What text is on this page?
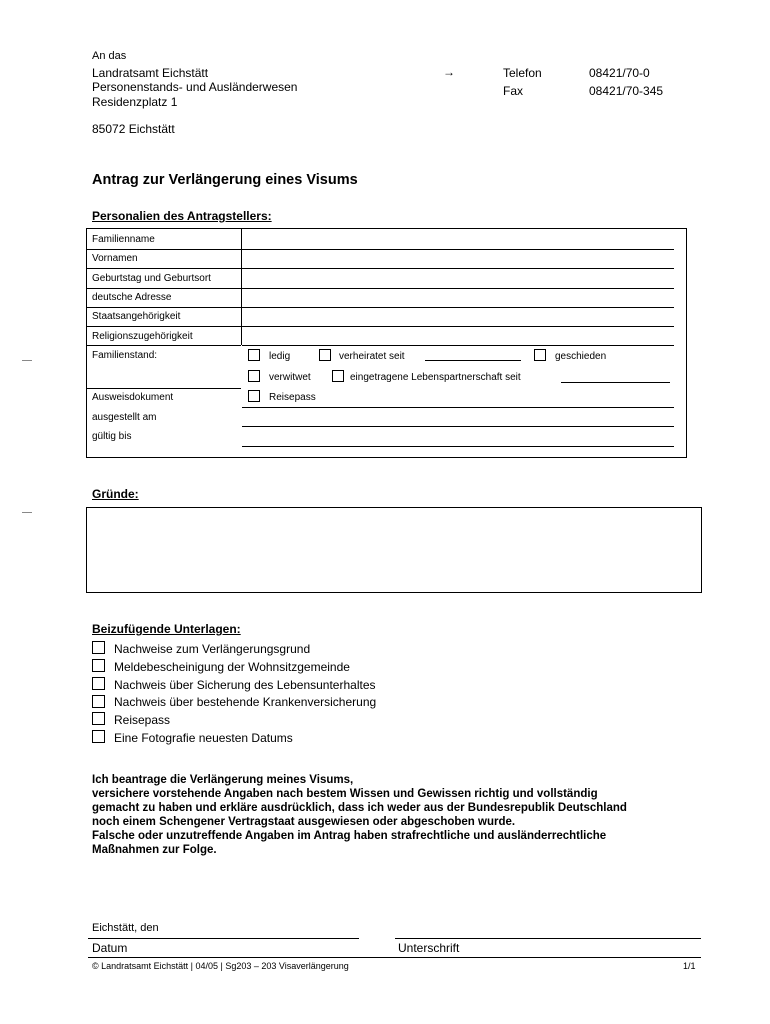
An das
Landratsamt Eichstätt
Personenstands- und Ausländerwesen
Residenzplatz 1
85072 Eichstätt
→	Telefon	08421/70-0
Fax	08421/70-345
Antrag zur Verlängerung eines Visums
Personalien des Antragstellers:
Familienname
Vornamen
Geburtstag und Geburtsort
deutsche Adresse
Staatsangehörigkeit
Religionszugehörigkeit
Familienstand:	ledig	verheiratet seit	geschieden
verwitwet	eingetragene Lebenspartnerschaft seit
Ausweisdokument	Reisepass
ausgestellt am
gültig bis
Gründe:
Beizufügende Unterlagen:
Nachweise zum Verlängerungsgrund
Meldebescheinigung der Wohnsitzgemeinde
Nachweis über Sicherung des Lebensunterhaltes
Nachweis über bestehende Krankenversicherung
Reisepass
Eine Fotografie neuesten Datums
Ich beantrage die Verlängerung meines Visums,
versichere vorstehende Angaben nach bestem Wissen und Gewissen richtig und vollständig
gemacht zu haben und erkläre ausdrücklich, dass ich weder aus der Bundesrepublik Deutschland
noch einem Schengener Vertragstaat ausgewiesen oder abgeschoben wurde.
Falsche oder unzutreffende Angaben im Antrag haben strafrechtliche und ausländerrechtliche
Maßnahmen zur Folge.
Eichstätt, den
Datum	Unterschrift
© Landratsamt Eichstätt | 04/05 | Sg203 – 203 Visaverlängerung	1/1
